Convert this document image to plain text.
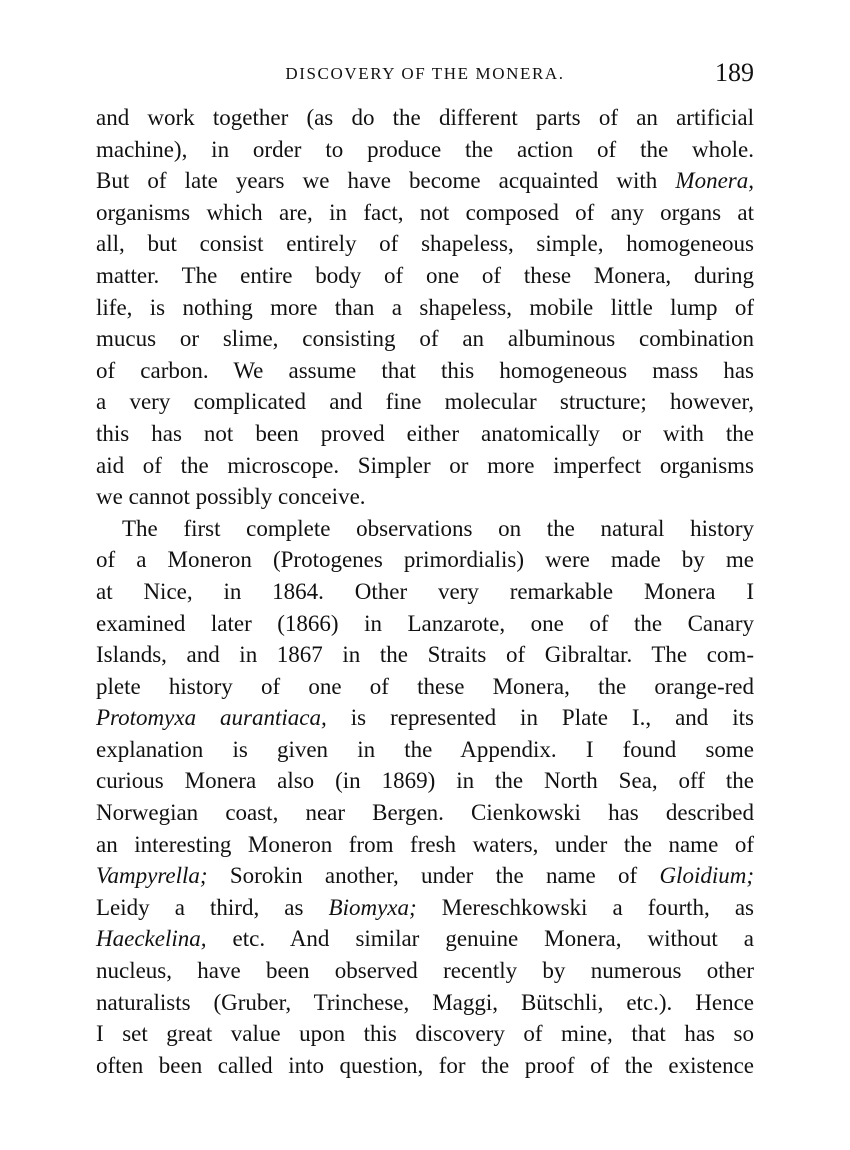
DISCOVERY OF THE MONERA.	189
and work together (as do the different parts of an artificial
machine), in order to produce the action of the whole.
But of late years we have become acquainted with Monera,
organisms which are, in fact, not composed of any organs at
all, but consist entirely of shapeless, simple, homogeneous
matter. The entire body of one of these Monera, during
life, is nothing more than a shapeless, mobile little lump of
mucus or slime, consisting of an albuminous combination
of carbon. We assume that this homogeneous mass has
a very complicated and fine molecular structure; however,
this has not been proved either anatomically or with the
aid of the microscope. Simpler or more imperfect organisms
we cannot possibly conceive.
The first complete observations on the natural history
of a Moneron (Protogenes primordialis) were made by me
at Nice, in 1864. Other very remarkable Monera I
examined later (1866) in Lanzarote, one of the Canary
Islands, and in 1867 in the Straits of Gibraltar. The com-
plete history of one of these Monera, the orange-red
Protomyxa aurantiaca, is represented in Plate I., and its
explanation is given in the Appendix. I found some
curious Monera also (in 1869) in the North Sea, off the
Norwegian coast, near Bergen. Cienkowski has described
an interesting Moneron from fresh waters, under the name of
Vampyrella; Sorokin another, under the name of Gloidium;
Leidy a third, as Biomyxa; Mereschkowski a fourth, as
Haeckelina, etc. And similar genuine Monera, without a
nucleus, have been observed recently by numerous other
naturalists (Gruber, Trinchese, Maggi, Bütschli, etc.). Hence
I set great value upon this discovery of mine, that has so
often been called into question, for the proof of the existence
